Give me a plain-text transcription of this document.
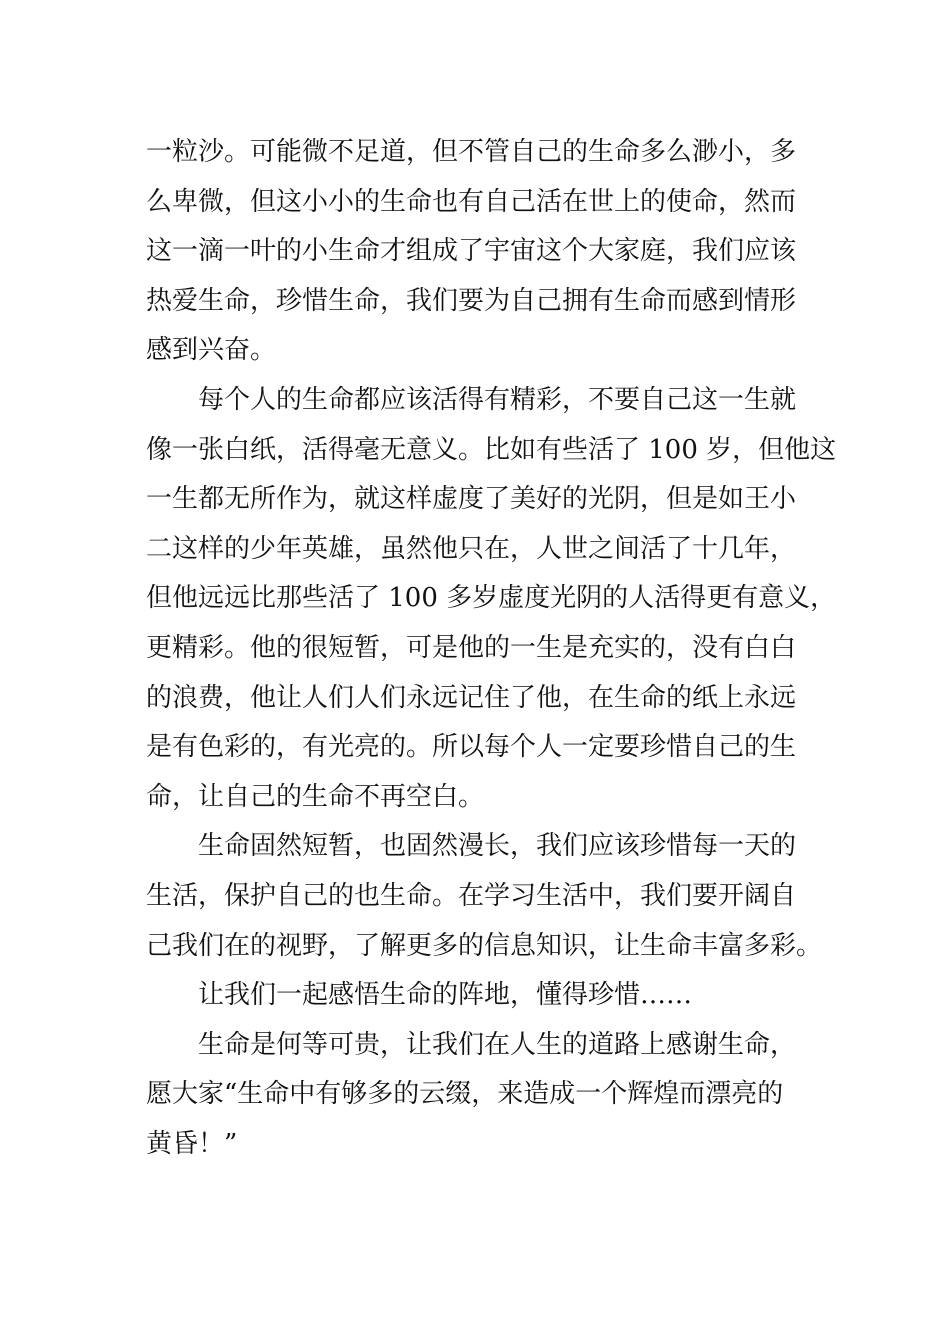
一粒沙。可能微不足道，但不管自己的生命多么渺小，多
么卑微，但这小小的生命也有自己活在世上的使命，然而
这一滴一叶的小生命才组成了宇宙这个大家庭，我们应该
热爱生命，珍惜生命，我们要为自己拥有生命而感到情形
感到兴奋。
每个人的生命都应该活得有精彩，不要自己这一生就
像一张白纸，活得毫无意义。比如有些活了 100 岁，但他这
一生都无所作为，就这样虚度了美好的光阴，但是如王小
二这样的少年英雄，虽然他只在，人世之间活了十几年，
但他远远比那些活了 100 多岁虚度光阴的人活得更有意义，
更精彩。他的很短暂，可是他的一生是充实的，没有白白
的浪费，他让人们人们永远记住了他，在生命的纸上永远
是有色彩的，有光亮的。所以每个人一定要珍惜自己的生
命，让自己的生命不再空白。
生命固然短暂，也固然漫长，我们应该珍惜每一天的
生活，保护自己的也生命。在学习生活中，我们要开阔自
己我们在的视野，了解更多的信息知识，让生命丰富多彩。
让我们一起感悟生命的阵地，懂得珍惜……
生命是何等可贵，让我们在人生的道路上感谢生命，
愿大家“生命中有够多的云缀，来造成一个辉煌而漂亮的
黄昏！”
